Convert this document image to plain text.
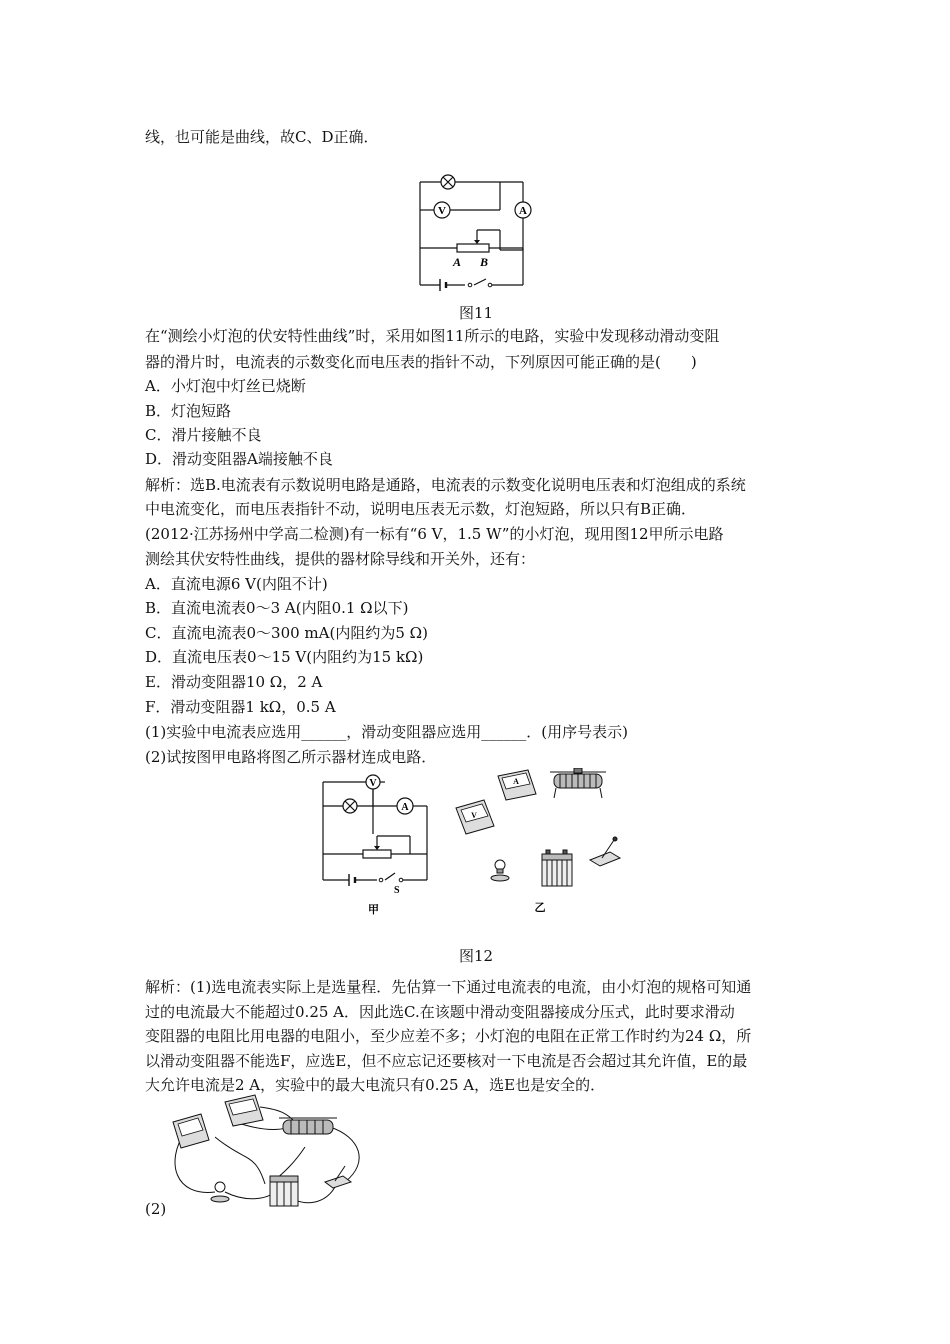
线，也可能是曲线，故C、D正确．
V	A
A B
图11
在“测绘小灯泡的伏安特性曲线”时，采用如图11所示的电路，实验中发现移动滑动变阻
器的滑片时，电流表的示数变化而电压表的指针不动，下列原因可能正确的是(　　)
A．小灯泡中灯丝已烧断
B．灯泡短路
C．滑片接触不良
D．滑动变阻器A端接触不良
解析：选B.电流表有示数说明电路是通路，电流表的示数变化说明电压表和灯泡组成的系统
中电流变化，而电压表指针不动，说明电压表无示数，灯泡短路，所以只有B正确．
(2012·江苏扬州中学高二检测)有一标有“6 V，1.5 W”的小灯泡，现用图12甲所示电路
测绘其伏安特性曲线，提供的器材除导线和开关外，还有：
A．直流电源6 V(内阻不计)
B．直流电流表0～3 A(内阻0.1 Ω以下)
C．直流电流表0～300 mA(内阻约为5 Ω)
D．直流电压表0～15 V(内阻约为15 kΩ)
E．滑动变阻器10 Ω，2 A
F．滑动变阻器1 kΩ，0.5 A
(1)实验中电流表应选用______，滑动变阻器应选用______．(用序号表示)
(2)试按图甲电路将图乙所示器材连成电路．
V
A
S
甲
A
V
乙
图12
解析：(1)选电流表实际上是选量程．先估算一下通过电流表的电流，由小灯泡的规格可知通
过的电流最大不能超过0.25 A．因此选C.在该题中滑动变阻器接成分压式，此时要求滑动
变阻器的电阻比用电器的电阻小，至少应差不多；小灯泡的电阻在正常工作时约为24 Ω，所
以滑动变阻器不能选F，应选E，但不应忘记还要核对一下电流是否会超过其允许值，E的最
大允许电流是2 A，实验中的最大电流只有0.25 A，选E也是安全的．
(2)
